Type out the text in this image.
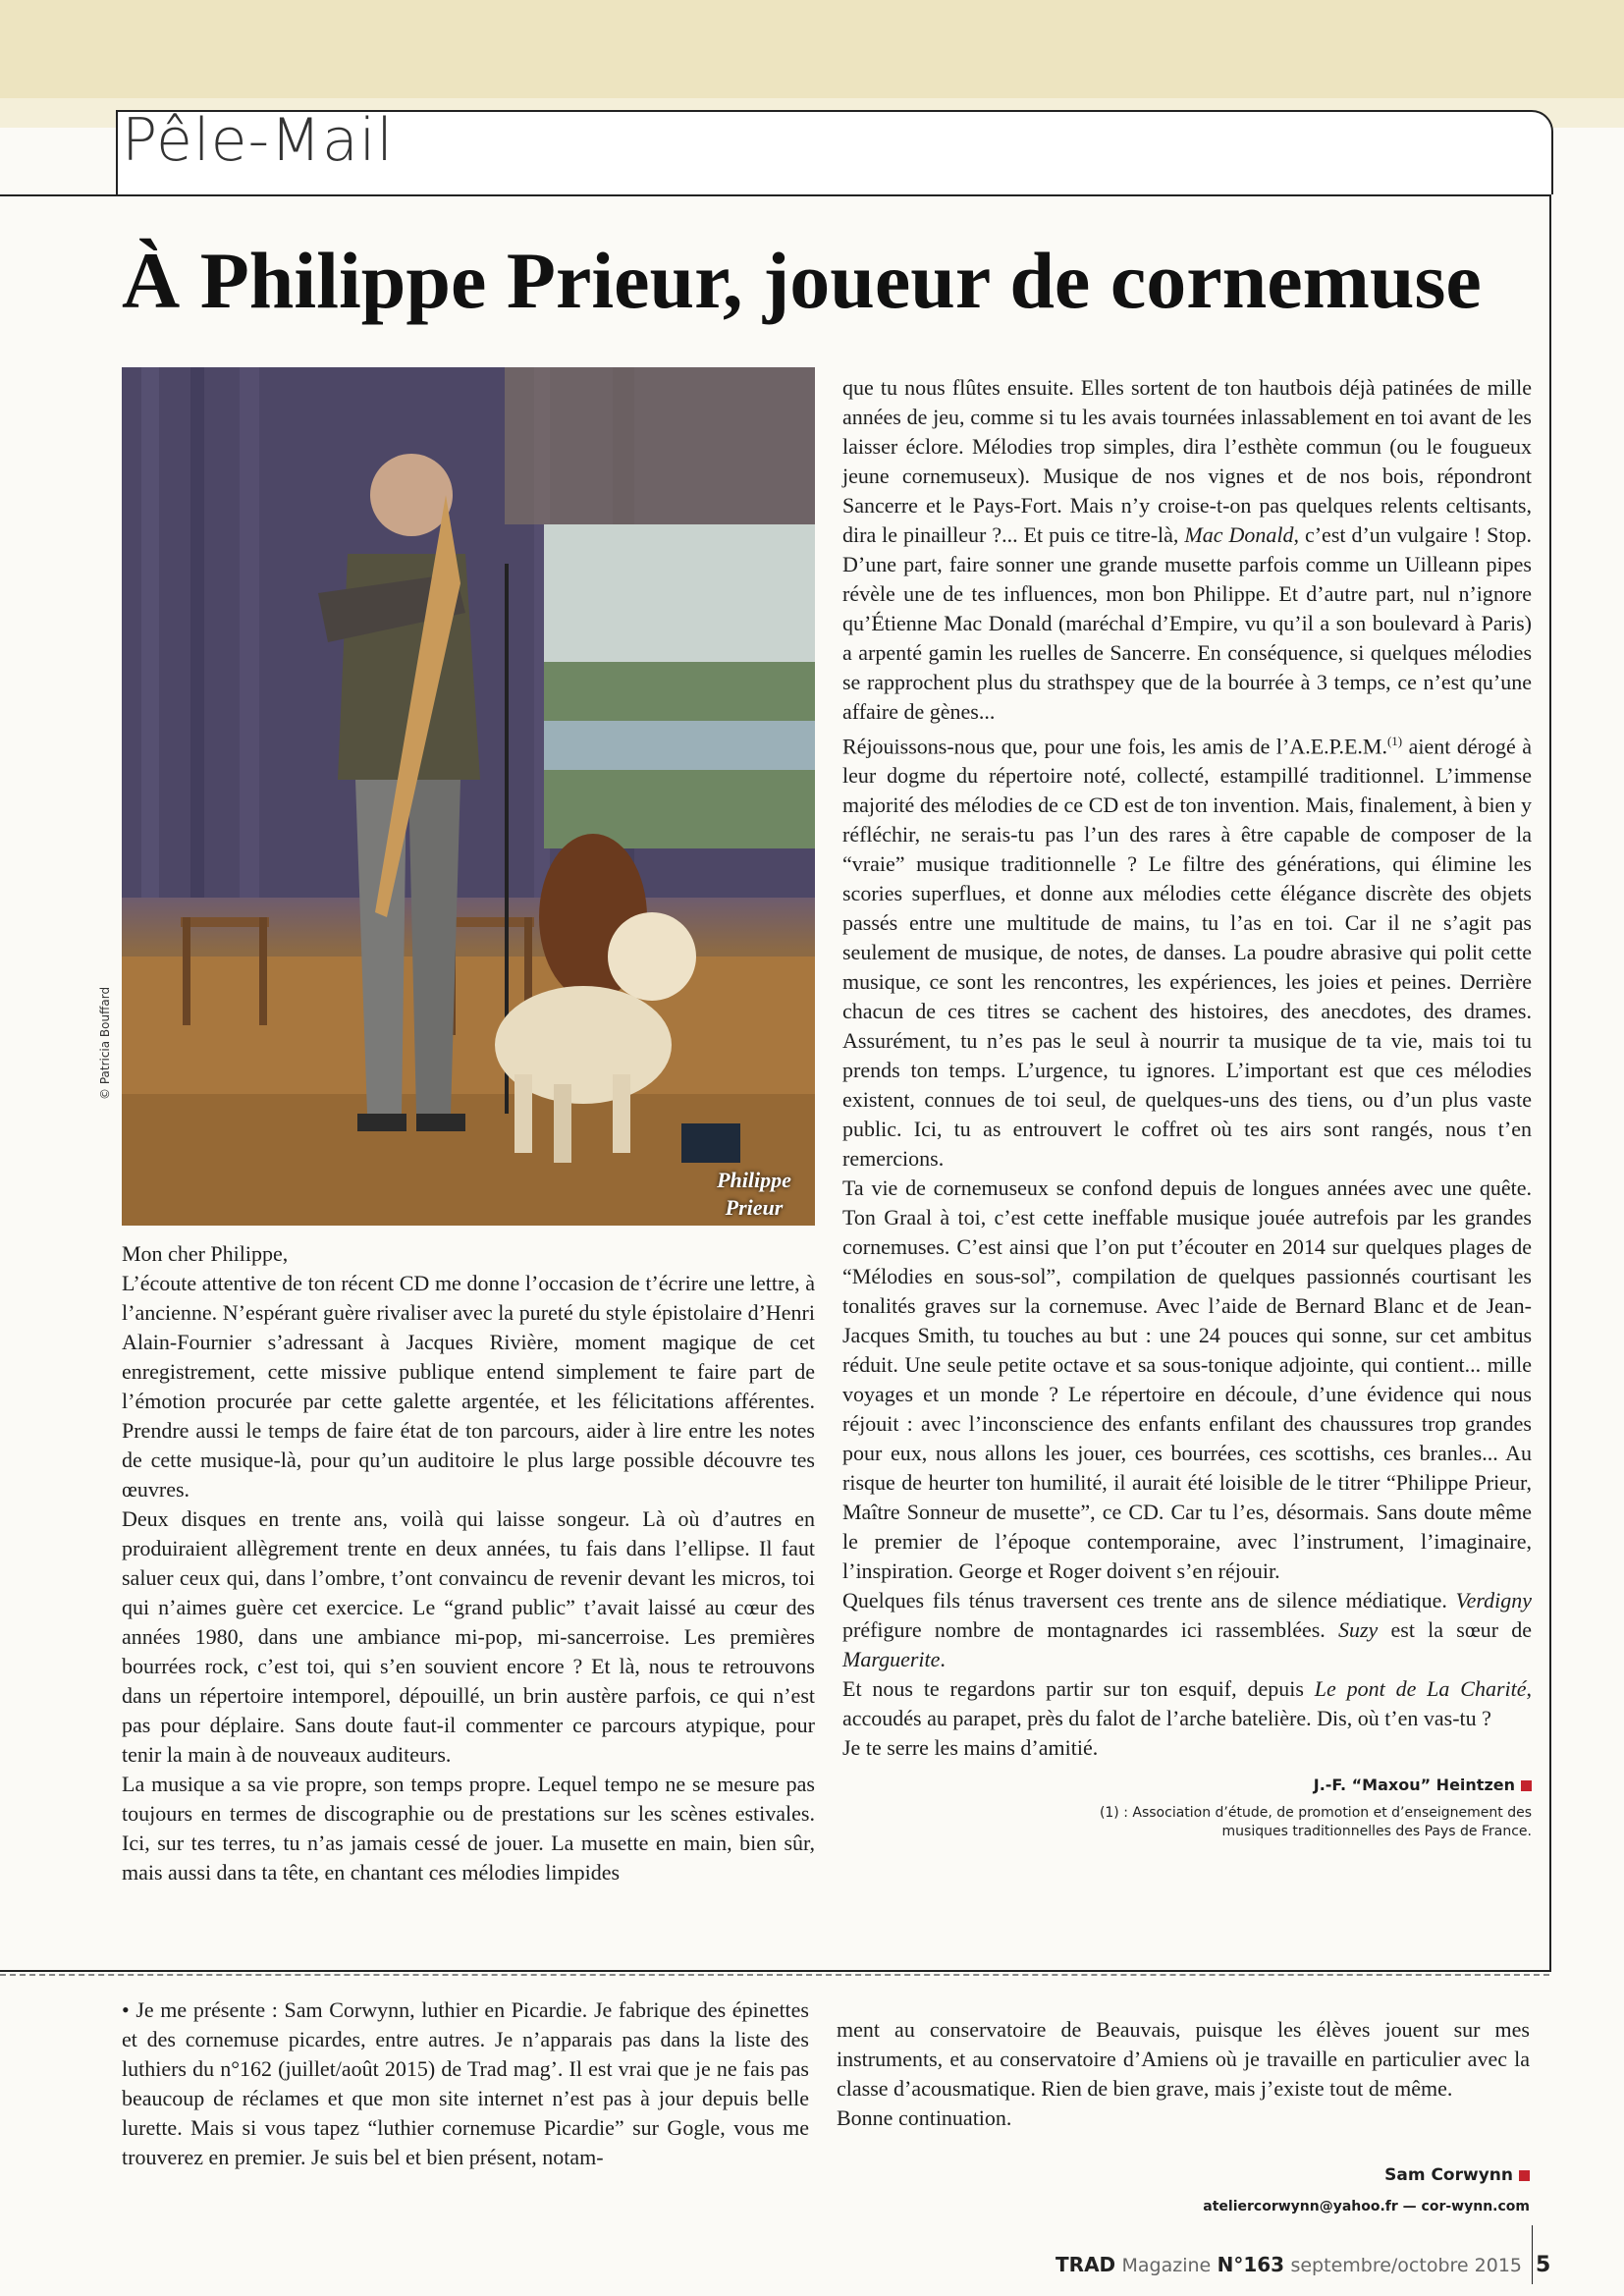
Pêle-Mail
À Philippe Prieur, joueur de cornemuse
© Patricia Bouffard
Philippe
Prieur

Mon cher Philippe,

L’écoute attentive de ton récent CD me donne l’occasion de t’écrire une lettre, à l’ancienne. N’espérant guère rivaliser avec la pureté du style épistolaire d’Henri Alain-Fournier s’adressant à Jacques Rivière, moment magique de cet enregistrement, cette missive publique entend simplement te faire part de l’émotion procurée par cette galette argentée, et les félicitations afférentes. Prendre aussi le temps de faire état de ton parcours, aider à lire entre les notes de cette musique-là, pour qu’un auditoire le plus large possible découvre tes œuvres.

Deux disques en trente ans, voilà qui laisse songeur. Là où d’autres en produiraient allègrement trente en deux années, tu fais dans l’ellipse. Il faut saluer ceux qui, dans l’ombre, t’ont convaincu de revenir devant les micros, toi qui n’aimes guère cet exercice. Le “grand public” t’avait laissé au cœur des années 1980, dans une ambiance mi-pop, mi-sancerroise. Les premières bourrées rock, c’est toi, qui s’en souvient encore ? Et là, nous te retrouvons dans un répertoire intemporel, dépouillé, un brin austère parfois, ce qui n’est pas pour déplaire. Sans doute faut-il commenter ce parcours atypique, pour tenir la main à de nouveaux auditeurs.

La musique a sa vie propre, son temps propre. Lequel tempo ne se mesure pas toujours en termes de discographie ou de prestations sur les scènes estivales. Ici, sur tes terres, tu n’as jamais cessé de jouer. La musette en main, bien sûr, mais aussi dans ta tête, en chantant ces mélodies limpides

que tu nous flûtes ensuite. Elles sortent de ton hautbois déjà patinées de mille années de jeu, comme si tu les avais tournées inlassablement en toi avant de les laisser éclore. Mélodies trop simples, dira l’esthète commun (ou le fougueux jeune cornemuseux). Musique de nos vignes et de nos bois, répondront Sancerre et le Pays-Fort. Mais n’y croise-t-on pas quelques relents celtisants, dira le pinailleur ?... Et puis ce titre-là, Mac Donald, c’est d’un vulgaire ! Stop. D’une part, faire sonner une grande musette parfois comme un Uilleann pipes révèle une de tes influences, mon bon Philippe. Et d’autre part, nul n’ignore qu’Étienne Mac Donald (maréchal d’Empire, vu qu’il a son boulevard à Paris) a arpenté gamin les ruelles de Sancerre. En conséquence, si quelques mélodies se rapprochent plus du strathspey que de la bourrée à 3 temps, ce n’est qu’une affaire de gènes...

Réjouissons-nous que, pour une fois, les amis de l’A.E.P.E.M.$^{(1)}$ aient dérogé à leur dogme du répertoire noté, collecté, estampillé traditionnel. L’immense majorité des mélodies de ce CD est de ton invention. Mais, finalement, à bien y réfléchir, ne serais-tu pas l’un des rares à être capable de composer de la “vraie” musique traditionnelle ? Le filtre des générations, qui élimine les scories superflues, et donne aux mélodies cette élégance discrète des objets passés entre une multitude de mains, tu l’as en toi. Car il ne s’agit pas seulement de musique, de notes, de danses. La poudre abrasive qui polit cette musique, ce sont les rencontres, les expériences, les joies et peines. Derrière chacun de ces titres se cachent des histoires, des anecdotes, des drames. Assurément, tu n’es pas le seul à nourrir ta musique de ta vie, mais toi tu prends ton temps. L’urgence, tu ignores. L’important est que ces mélodies existent, connues de toi seul, de quelques-uns des tiens, ou d’un plus vaste public. Ici, tu as entrouvert le coffret où tes airs sont rangés, nous t’en remercions.

Ta vie de cornemuseux se confond depuis de longues années avec une quête. Ton Graal à toi, c’est cette ineffable musique jouée autrefois par les grandes cornemuses. C’est ainsi que l’on put t’écouter en 2014 sur quelques plages de “Mélodies en sous-sol”, compilation de quelques passionnés courtisant les tonalités graves sur la cornemuse. Avec l’aide de Bernard Blanc et de Jean-Jacques Smith, tu touches au but : une 24 pouces qui sonne, sur cet ambitus réduit. Une seule petite octave et sa sous-tonique adjointe, qui contient... mille voyages et un monde ? Le répertoire en découle, d’une évidence qui nous réjouit : avec l’inconscience des enfants enfilant des chaussures trop grandes pour eux, nous allons les jouer, ces bourrées, ces scottishs, ces branles... Au risque de heurter ton humilité, il aurait été loisible de le titrer “Philippe Prieur, Maître Sonneur de musette”, ce CD. Car tu l’es, désormais. Sans doute même le premier de l’époque contemporaine, avec l’instrument, l’imaginaire, l’inspiration. George et Roger doivent s’en réjouir.

Quelques fils ténus traversent ces trente ans de silence médiatique. Verdigny préfigure nombre de montagnardes ici rassemblées. Suzy est la sœur de Marguerite.

Et nous te regardons partir sur ton esquif, depuis Le pont de La Charité, accoudés au parapet, près du falot de l’arche batelière. Dis, où t’en vas-tu ?

Je te serre les mains d’amitié.

J.-F. “Maxou” Heintzen
(1) : Association d’étude, de promotion et d’enseignement des
musiques traditionnelles des Pays de France.
• Je me présente : Sam Corwynn, luthier en Picardie. Je fabrique des épinettes et des cornemuse picardes, entre autres. Je n’apparais pas dans la liste des luthiers du n°162 (juillet/août 2015) de Trad mag’. Il est vrai que je ne fais pas beaucoup de réclames et que mon site internet n’est pas à jour depuis belle lurette. Mais si vous tapez “luthier cornemuse Picardie” sur Gogle, vous me trouverez en premier. Je suis bel et bien présent, notam-
ment au conservatoire de Beauvais, puisque les élèves jouent sur mes instruments, et au conservatoire d’Amiens où je travaille en particulier avec la classe d’acousmatique. Rien de bien grave, mais j’existe tout de même.
Bonne continuation.
Sam Corwynn
ateliercorwynn@yahoo.fr — cor-wynn.com
TRAD Magazine N°163 septembre/octobre 2015 5
